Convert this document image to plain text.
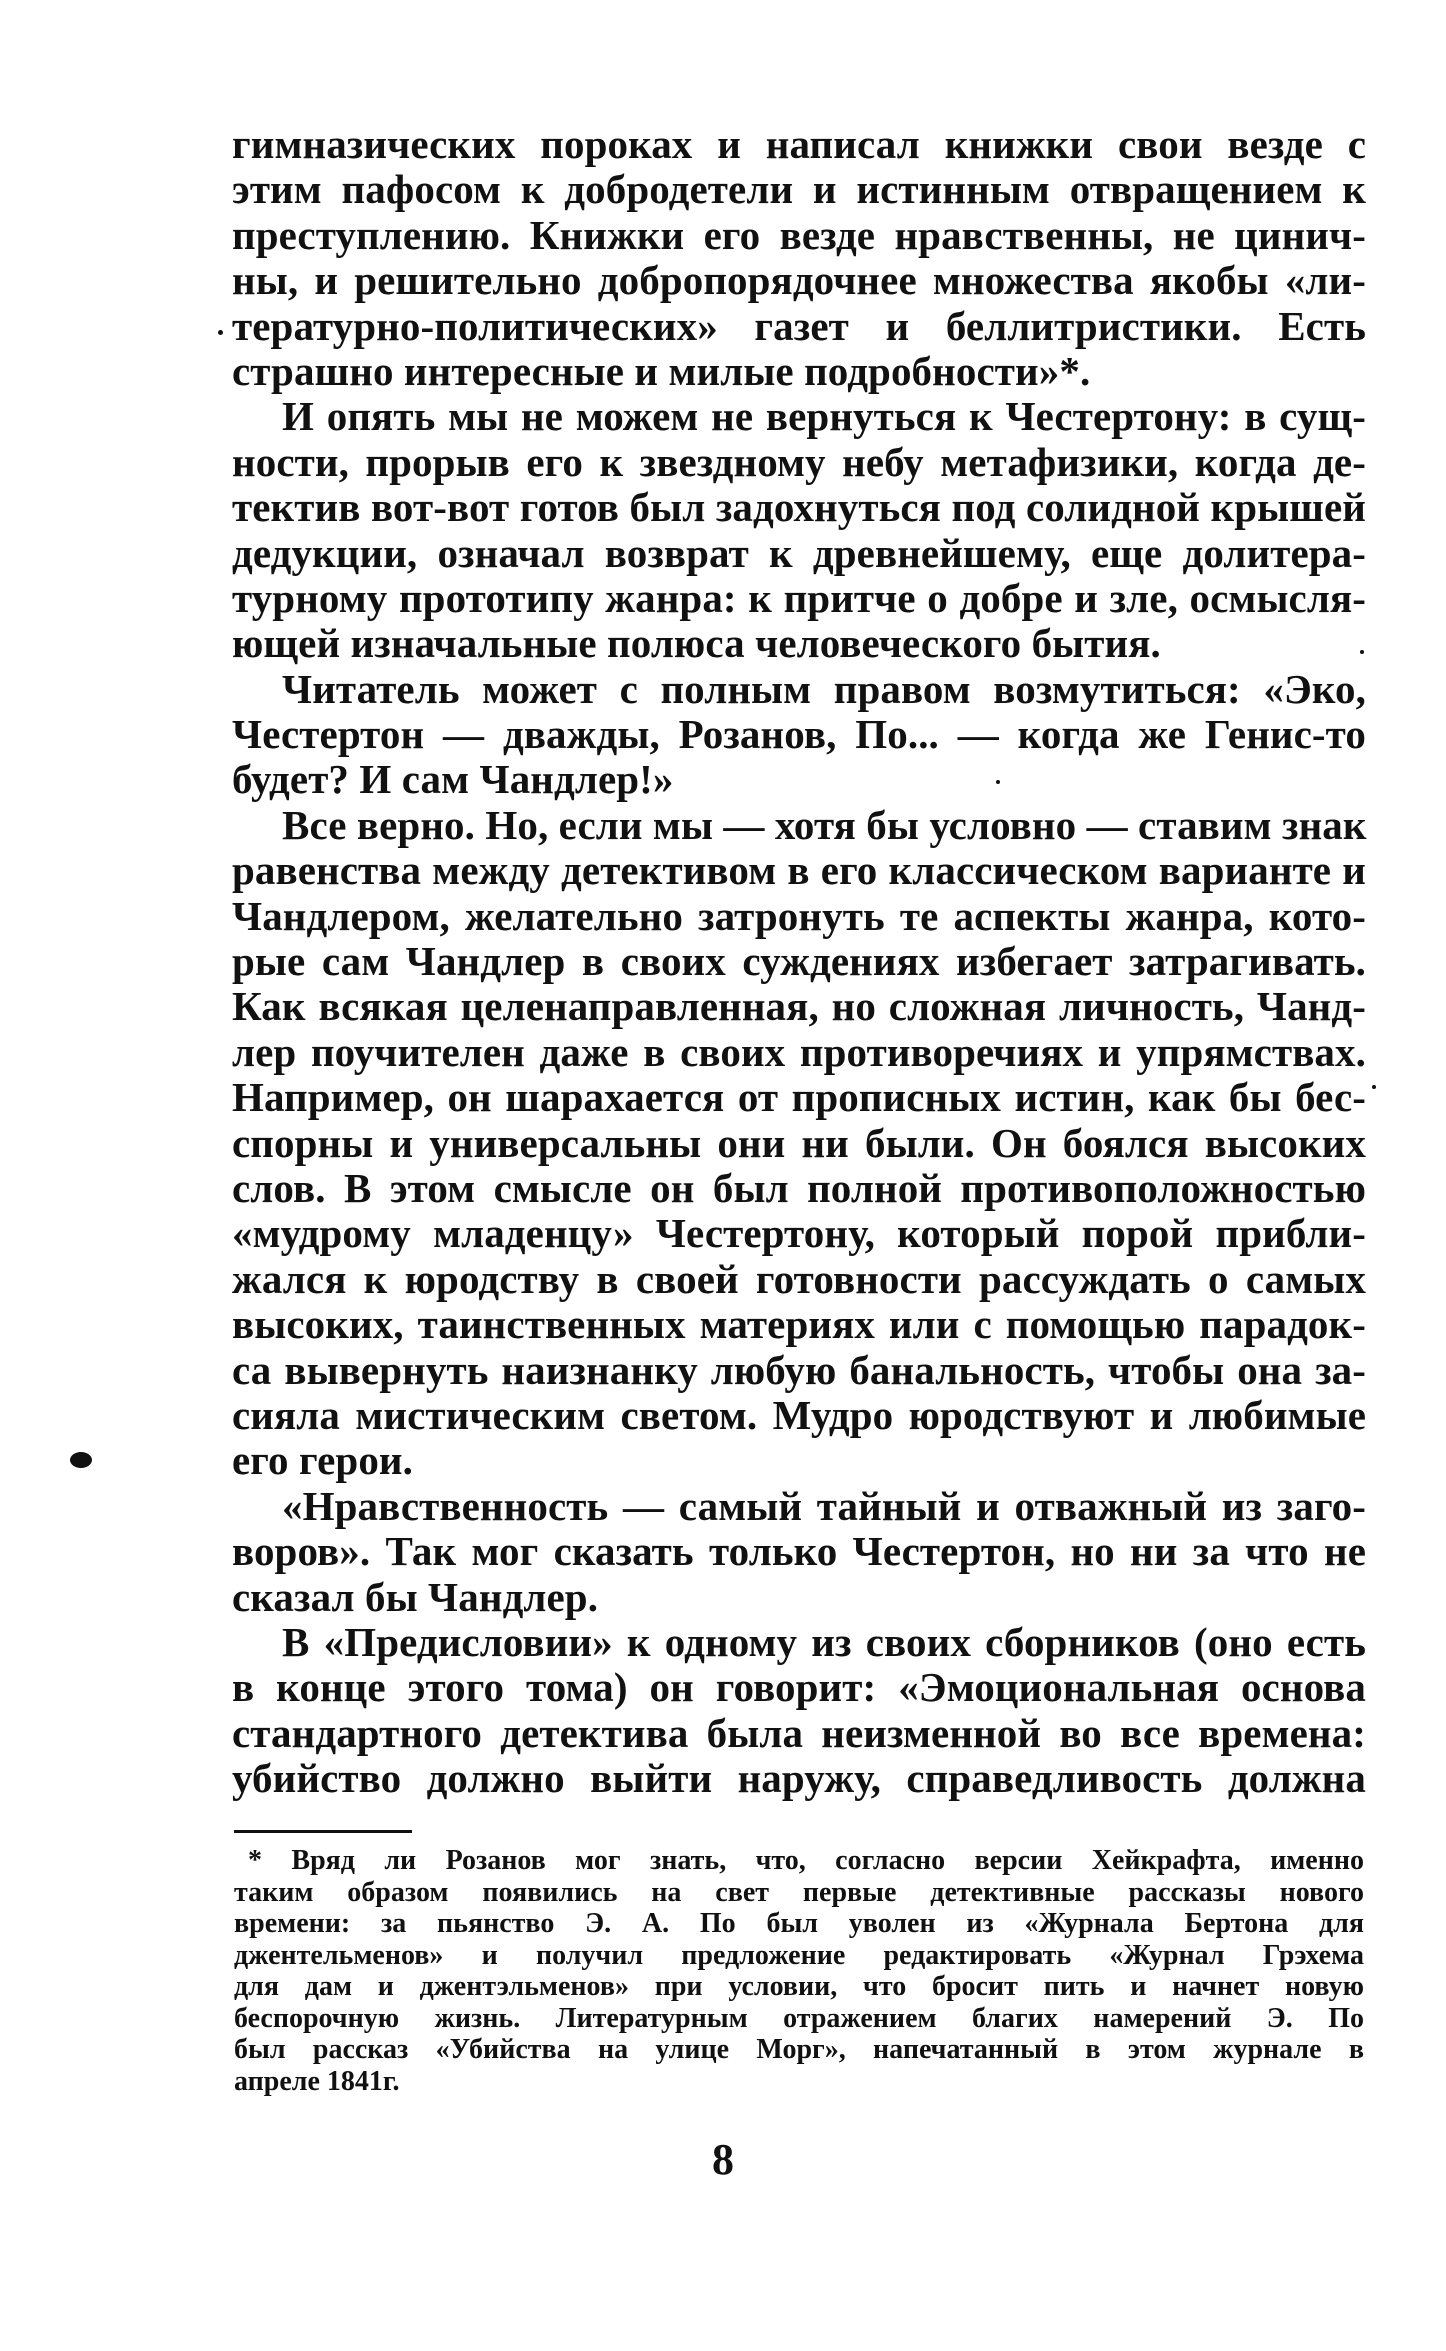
гимназических пороках и написал книжки свои везде с
этим пафосом к добродетели и истинным отвращением к
преступлению. Книжки его везде нравственны, не цинич-
ны, и решительно добропорядочнее множества якобы «ли-
тературно-политических» газет и беллитристики. Есть
страшно интересные и милые подробности»*.
И опять мы не можем не вернуться к Честертону: в сущ-
ности, прорыв его к звездному небу метафизики, когда де-
тектив вот-вот готов был задохнуться под солидной крышей
дедукции, означал возврат к древнейшему, еще долитера-
турному прототипу жанра: к притче о добре и зле, осмысля-
ющей изначальные полюса человеческого бытия.
Читатель может с полным правом возмутиться: «Эко,
Честертон — дважды, Розанов, По... — когда же Генис-то
будет? И сам Чандлер!»
Все верно. Но, если мы — хотя бы условно — ставим знак
равенства между детективом в его классическом варианте и
Чандлером, желательно затронуть те аспекты жанра, кото-
рые сам Чандлер в своих суждениях избегает затрагивать.
Как всякая целенаправленная, но сложная личность, Чанд-
лер поучителен даже в своих противоречиях и упрямствах.
Например, он шарахается от прописных истин, как бы бес-
спорны и универсальны они ни были. Он боялся высоких
слов. В этом смысле он был полной противоположностью
«мудрому младенцу» Честертону, который порой прибли-
жался к юродству в своей готовности рассуждать о самых
высоких, таинственных материях или с помощью парадок-
са вывернуть наизнанку любую банальность, чтобы она за-
сияла мистическим светом. Мудро юродствуют и любимые
его герои.
«Нравственность — самый тайный и отважный из заго-
воров». Так мог сказать только Честертон, но ни за что не
сказал бы Чандлер.
В «Предисловии» к одному из своих сборников (оно есть
в конце этого тома) он говорит: «Эмоциональная основа
стандартного детектива была неизменной во все времена:
убийство должно выйти наружу, справедливость должна
* Вряд ли Розанов мог знать, что, согласно версии Хейкрафта, именно
таким образом появились на свет первые детективные рассказы нового
времени: за пьянство Э. А. По был уволен из «Журнала Бертона для
джентельменов» и получил предложение редактировать «Журнал Грэхема
для дам и джентэльменов» при условии, что бросит пить и начнет новую
беспорочную жизнь. Литературным отражением благих намерений Э. По
был рассказ «Убийства на улице Морг», напечатанный в этом журнале в
апреле 1841г.
8
